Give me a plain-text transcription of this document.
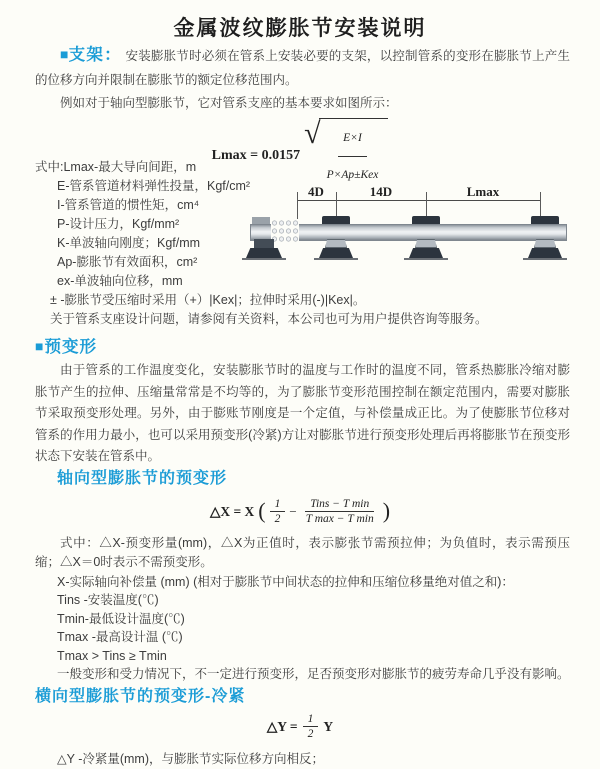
金属波纹膨胀节安装说明

■支架： 安装膨胀节时必须在管系上安装必要的支架，以控制管系的变形在膨胀节上产生的位移方向并限制在膨胀节的额定位移范围内。

例如对于轴向型膨胀节，它对管系支座的基本要求如图所示：
Lmax = 0.0157
√ $\frac{E\times I}{\text{P×Ap±Kex}}$
式中:Lmax-最大导向间距，m
E-管系管道材料弹性投量，Kgf/cm²
I-管系管道的惯性矩，cm⁴
P-设计压力，Kgf/mm²
K-单波轴向刚度；Kgf/mm
Ap-膨胀节有效面积，cm²
ex-单波轴向位移，mm
± -膨胀节受压缩时采用（+）|Kex|；拉伸时采用(-)|Kex|。
关于管系支座设计问题，请参阅有关资料，本公司也可为用户提供咨询等服务。
4D	14D	Lmax
■预变形

由于管系的工作温度变化，安装膨胀节时的温度与工作时的温度不同，管系热膨胀冷缩对膨胀节产生的拉伸、压缩量常常是不均等的，为了膨胀节变形范围控制在额定范围内，需要对膨胀节采取预变形处理。另外，由于膨账节刚度是一个定值，与补偿量成正比。为了使膨胀节位移对管系的作用力最小，也可以采用预变形(冷紧)方让对膨胀节进行预变形处理后再将膨胀节在预变形状态下安装在管系中。

轴向型膨胀节的预变形
△X = X ( $\frac{1}{2} - \frac{\text{Tins − T min}}{\text{T max − T min}}$ )

式中：△X-预变形量(mm)，△X为正值时，表示膨张节需预拉伸；为负值时，表示需预压缩；△X＝0时表示不需预变形。

X-实际轴向补偿量 (mm) (相对于膨胀节中间状态的拉伸和压缩位移量绝对值之和)：
Tins -安装温度(℃)
Tmin-最低设计温度(℃)
Tmax -最高设计温 (℃)
Tmax > Tins ≥ Tmin
一般变形和受力情况下，不一定进行预变形，足否预变形对膨胀节的疲劳寿命几乎没有影响。
横向型膨胀节的预变形-冷紧
△Y = $\frac{1}{2}$ Y
△Y -冷紧量(mm)，与膨胀节实际位移方向相反；
